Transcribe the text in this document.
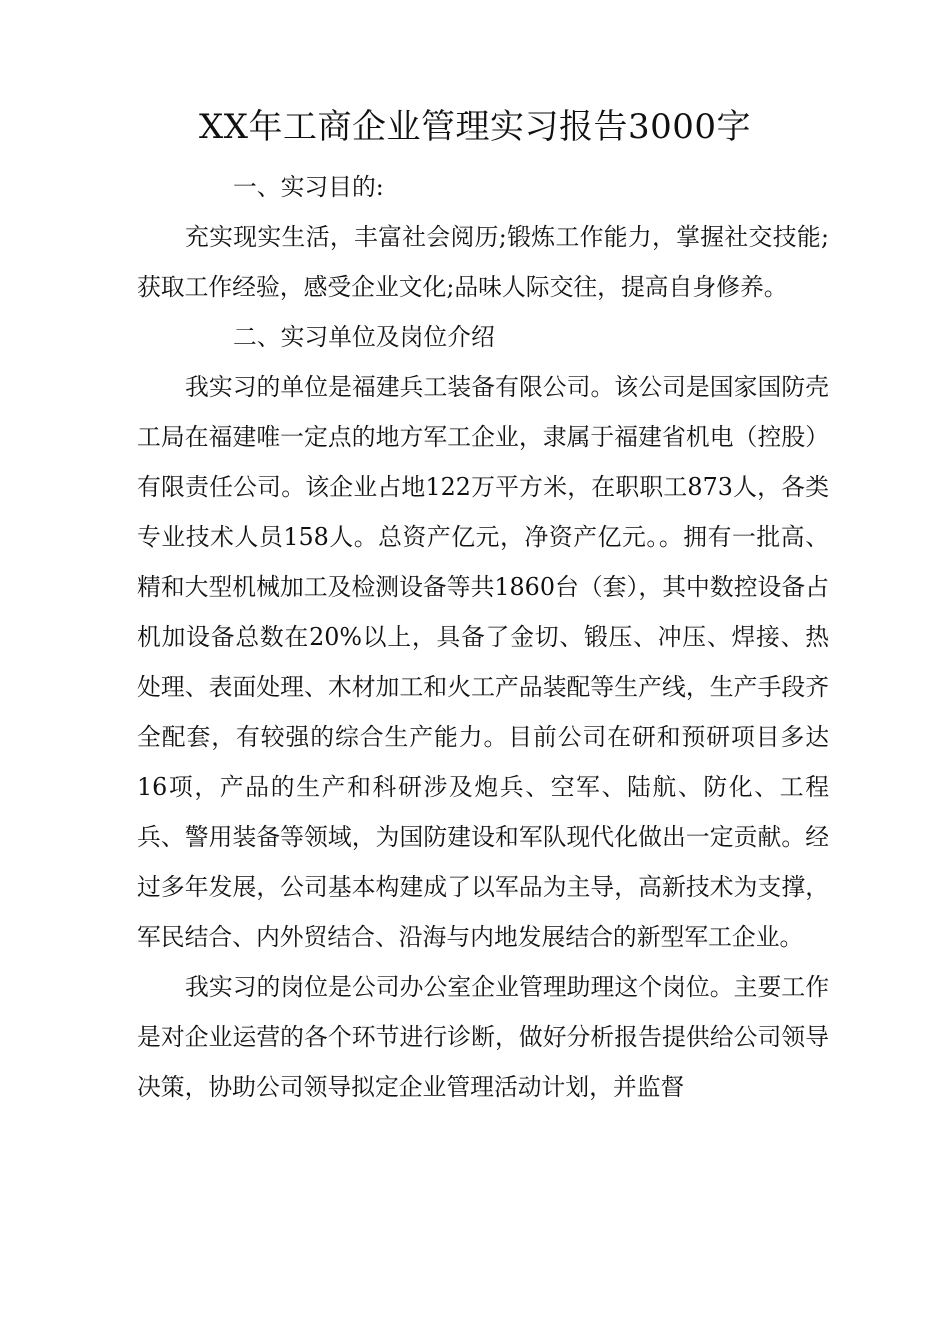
XX年工商企业管理实习报告3000字

一、实习目的:

充实现实生活，丰富社会阅历;锻炼工作能力，掌握社交技能;获取工作经验，感受企业文化;品味人际交往，提高自身修养。

二、实习单位及岗位介绍

我实习的单位是福建兵工装备有限公司。该公司是国家国防壳工局在福建唯一定点的地方军工企业，隶属于福建省机电（控股）有限责任公司。该企业占地122万平方米，在职职工873人，各类专业技术人员158人。总资产亿元，净资产亿元。。拥有一批高、精和大型机械加工及检测设备等共1860台（套），其中数控设备占机加设备总数在20%以上，具备了金切、锻压、冲压、焊接、热处理、表面处理、木材加工和火工产品装配等生产线，生产手段齐全配套，有较强的综合生产能力。目前公司在研和预研项目多达16项，产品的生产和科研涉及炮兵、空军、陆航、防化、工程兵、警用装备等领域，为国防建设和军队现代化做出一定贡献。经过多年发展，公司基本构建成了以军品为主导，高新技术为支撑，军民结合、内外贸结合、沿海与内地发展结合的新型军工企业。

我实习的岗位是公司办公室企业管理助理这个岗位。主要工作是对企业运营的各个环节进行诊断，做好分析报告提供给公司领导决策，协助公司领导拟定企业管理活动计划，并监督
